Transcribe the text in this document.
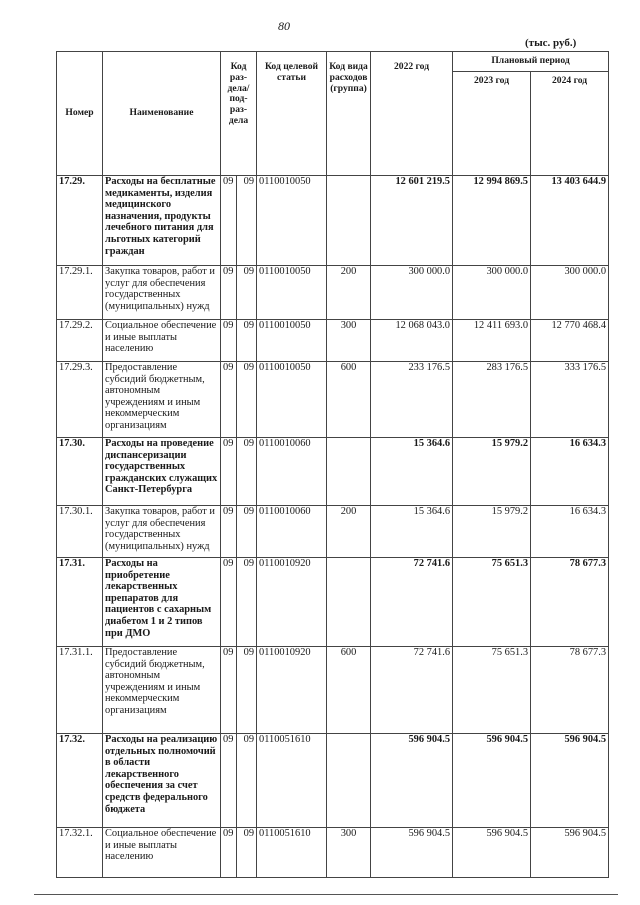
80
(тыс. руб.)
Номер	Наименование	Код раз-дела/ под-раз-дела		Код целевой статьи	Код вида расходов (группа)	2022 год	Плановый период	
							2023 год	2024 год
17.29.	Расходы на бесплатные медикаменты, изделия медицинского назначения, продукты лечебного питания для льготных категорий граждан	09	09	0110010050		12 601 219.5	12 994 869.5	13 403 644.9
17.29.1.	Закупка товаров, работ и услуг для обеспечения государственных (муниципальных) нужд	09	09	0110010050	200	300 000.0	300 000.0	300 000.0
17.29.2.	Социальное обеспечение и иные выплаты населению	09	09	0110010050	300	12 068 043.0	12 411 693.0	12 770 468.4
17.29.3.	Предоставление субсидий бюджетным, автономным учреждениям и иным некоммерческим организациям	09	09	0110010050	600	233 176.5	283 176.5	333 176.5
17.30.	Расходы на проведение диспансеризации государственных гражданских служащих Санкт-Петербурга	09	09	0110010060		15 364.6	15 979.2	16 634.3
17.30.1.	Закупка товаров, работ и услуг для обеспечения государственных (муниципальных) нужд	09	09	0110010060	200	15 364.6	15 979.2	16 634.3
17.31.	Расходы на приобретение лекарственных препаратов для пациентов с сахарным диабетом 1 и 2 типов при ДМО	09	09	0110010920		72 741.6	75 651.3	78 677.3
17.31.1.	Предоставление субсидий бюджетным, автономным учреждениям и иным некоммерческим организациям	09	09	0110010920	600	72 741.6	75 651.3	78 677.3
17.32.	Расходы на реализацию отдельных полномочий в области лекарственного обеспечения за счет средств федерального бюджета	09	09	0110051610		596 904.5	596 904.5	596 904.5
17.32.1.	Социальное обеспечение и иные выплаты населению	09	09	0110051610	300	596 904.5	596 904.5	596 904.5
